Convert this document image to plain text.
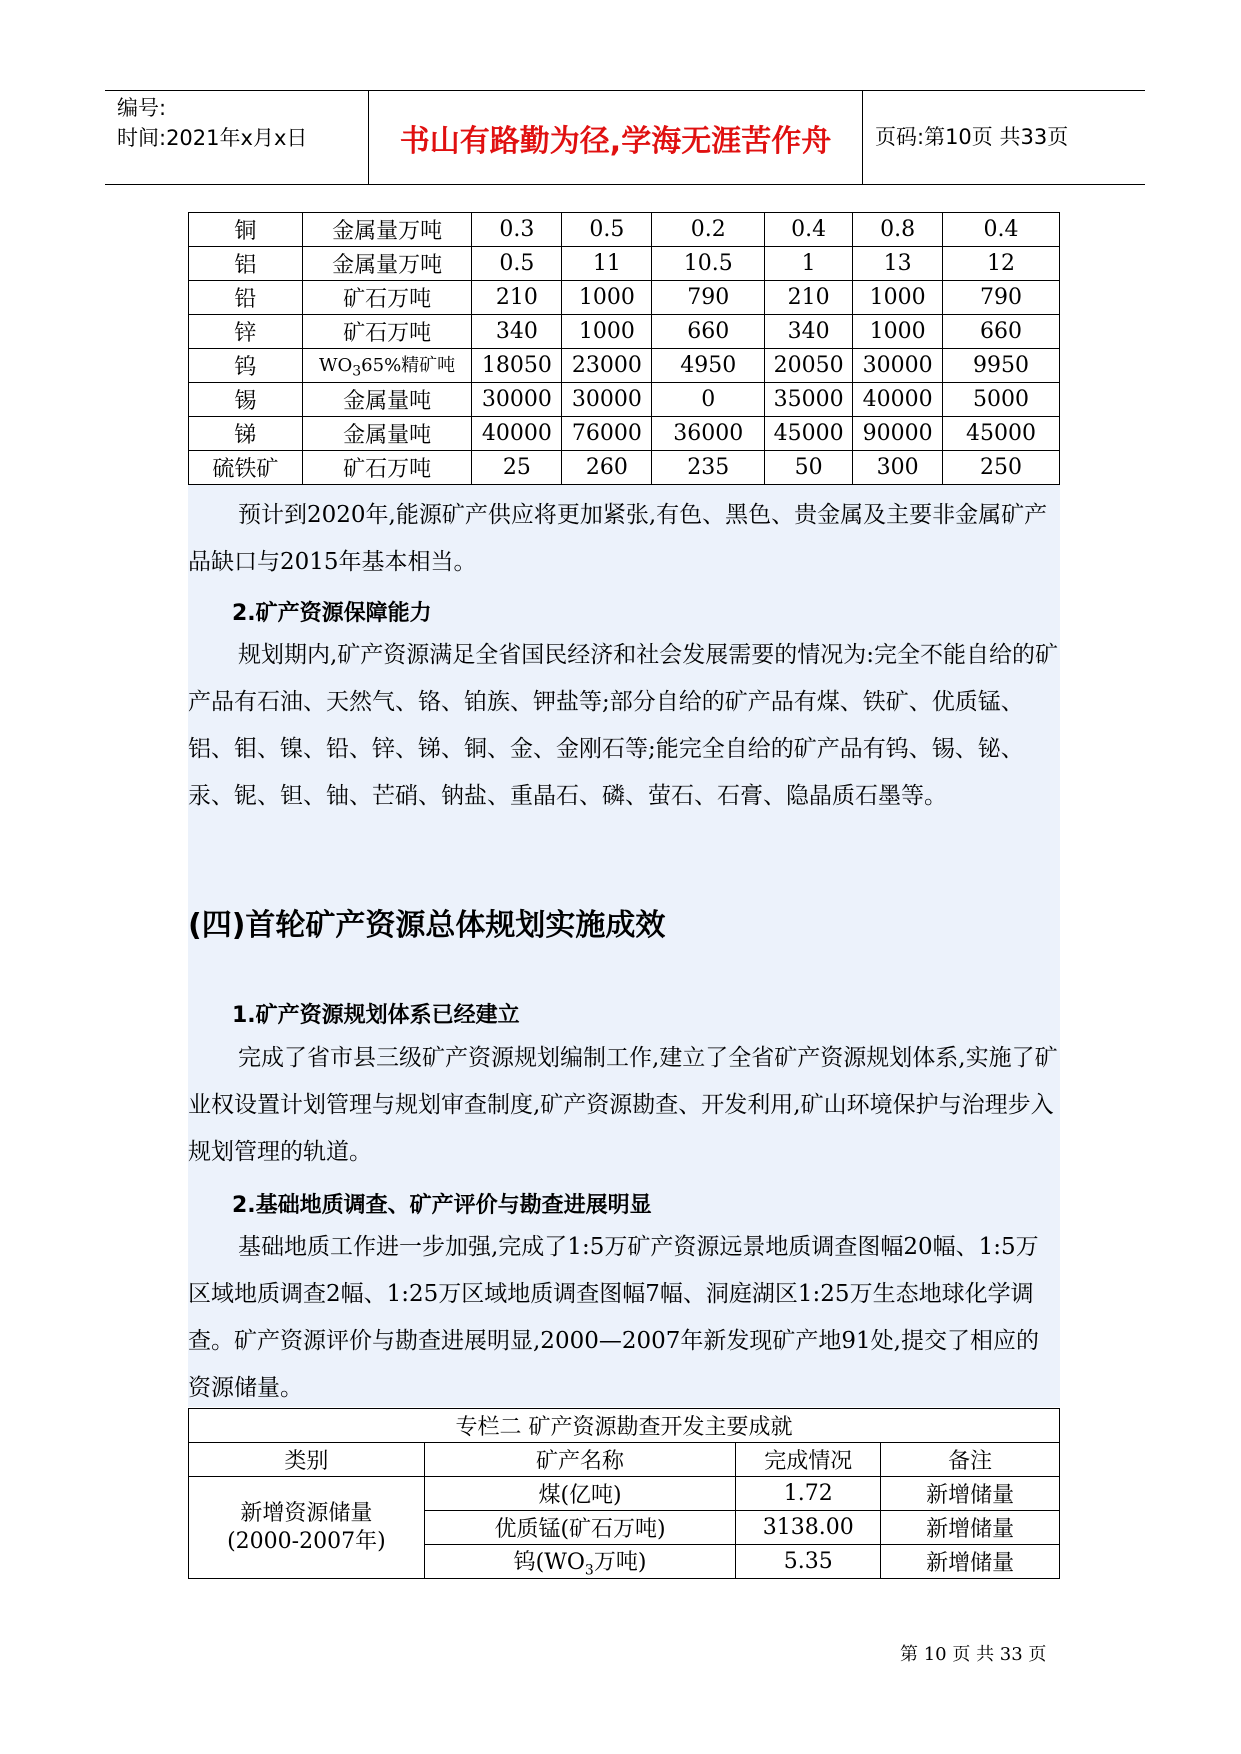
编号:
时间:2021年x月x日	书山有路勤为径,学海无涯苦作舟	页码:第10页 共33页
铜	金属量万吨	0.3	0.5	0.2	0.4	0.8	0.4
铝	金属量万吨	0.5	11	10.5	1	13	12
铅	矿石万吨	210	1000	790	210	1000	790
锌	矿石万吨	340	1000	660	340	1000	660
钨	$WO_365\%$精矿吨	18050	23000	4950	20050	30000	9950
锡	金属量吨	30000	30000	0	35000	40000	5000
锑	金属量吨	40000	76000	36000	45000	90000	45000
硫铁矿	矿石万吨	25	260	235	50	300	250
预计到2020年,能源矿产供应将更加紧张,有色、黑色、贵金属及主要非金属矿产品缺口与2015年基本相当。
2.矿产资源保障能力
规划期内,矿产资源满足全省国民经济和社会发展需要的情况为:完全不能自给的矿产品有石油、天然气、铬、铂族、钾盐等;部分自给的矿产品有煤、铁矿、优质锰、铝、钼、镍、铅、锌、锑、铜、金、金刚石等;能完全自给的矿产品有钨、锡、铋、汞、铌、钽、铀、芒硝、钠盐、重晶石、磷、萤石、石膏、隐晶质石墨等。
(四)首轮矿产资源总体规划实施成效
1.矿产资源规划体系已经建立
完成了省市县三级矿产资源规划编制工作,建立了全省矿产资源规划体系,实施了矿业权设置计划管理与规划审查制度,矿产资源勘查、开发利用,矿山环境保护与治理步入规划管理的轨道。
2.基础地质调查、矿产评价与勘查进展明显
基础地质工作进一步加强,完成了1:5万矿产资源远景地质调查图幅20幅、1:5万区域地质调查2幅、1:25万区域地质调查图幅7幅、洞庭湖区1:25万生态地球化学调查。矿产资源评价与勘查进展明显,2000—2007年新发现矿产地91处,提交了相应的资源储量。
专栏二 矿产资源勘查开发主要成就			
类别	矿产名称	完成情况	备注

新增资源储量
(2000-2007年)	煤(亿吨)	1.72	新增储量
	优质锰(矿石万吨)	3138.00	新增储量
	钨($WO_3$万吨)	5.35	新增储量
第 10 页 共 33 页
